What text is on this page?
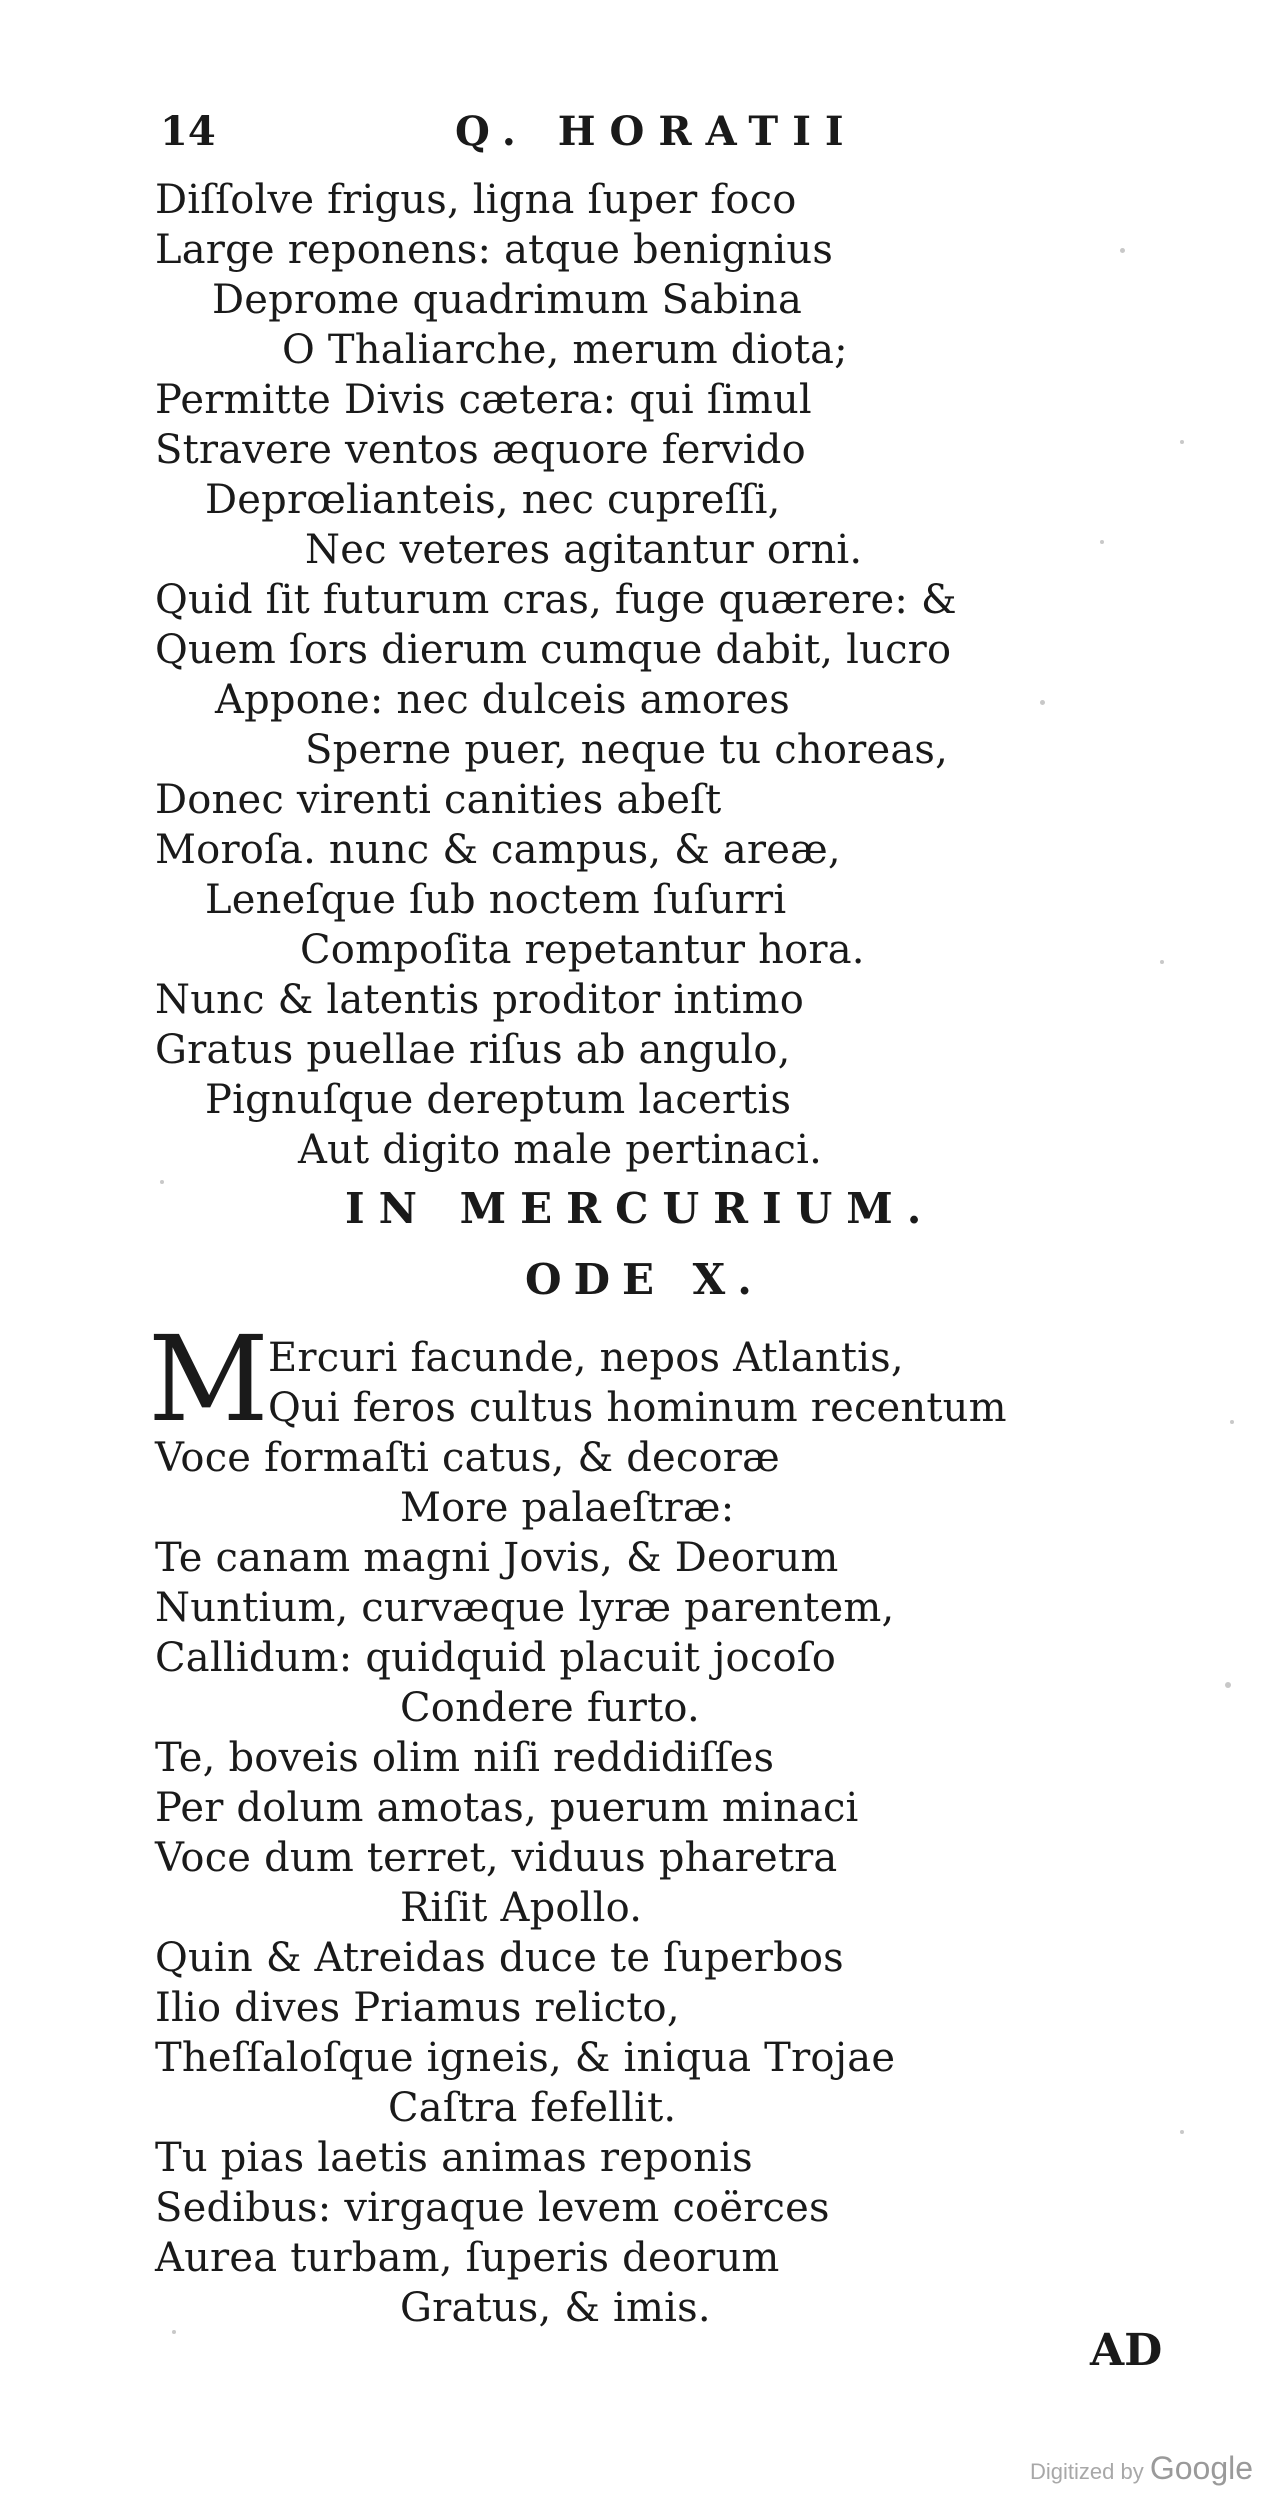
14	Q. HORATII
Diſſolve frigus, ligna ſuper foco
Large reponens: atque benignius
Deprome quadrimum Sabina
O Thaliarche, merum diota;
Permitte Divis cætera: qui ſimul
Stravere ventos æquore fervido
Deprœlianteis, nec cupreſſi,
Nec veteres agitantur orni.
Quid ſit futurum cras, fuge quærere: &
Quem ſors dierum cumque dabit, lucro
Appone: nec dulceis amores
Sperne puer, neque tu choreas,
Donec virenti canities abeſt
Moroſa. nunc & campus, & areæ,
Leneſque ſub noctem ſuſurri
Compoſita repetantur hora.
Nunc & latentis proditor intimo
Gratus puellae riſus ab angulo,
Pignuſque dereptum lacertis
Aut digito male pertinaci.
IN MERCURIUM.
ODE X.
M Ercuri facunde, nepos Atlantis,
Qui feros cultus hominum recentum
Voce formaſti catus, & decoræ
More palaeſtræ:
Te canam magni Jovis, & Deorum
Nuntium, curvæque lyræ parentem,
Callidum: quidquid placuit jocoſo
Condere furto.
Te, boveis olim niſi reddidiſſes
Per dolum amotas, puerum minaci
Voce dum terret, viduus pharetra
Riſit Apollo.
Quin & Atreidas duce te ſuperbos
Ilio dives Priamus relicto,
Theſſaloſque igneis, & iniqua Trojae
Caſtra fefellit.
Tu pias laetis animas reponis
Sedibus: virgaque levem coërces
Aurea turbam, ſuperis deorum
Gratus, & imis.
AD
Digitized by Google
